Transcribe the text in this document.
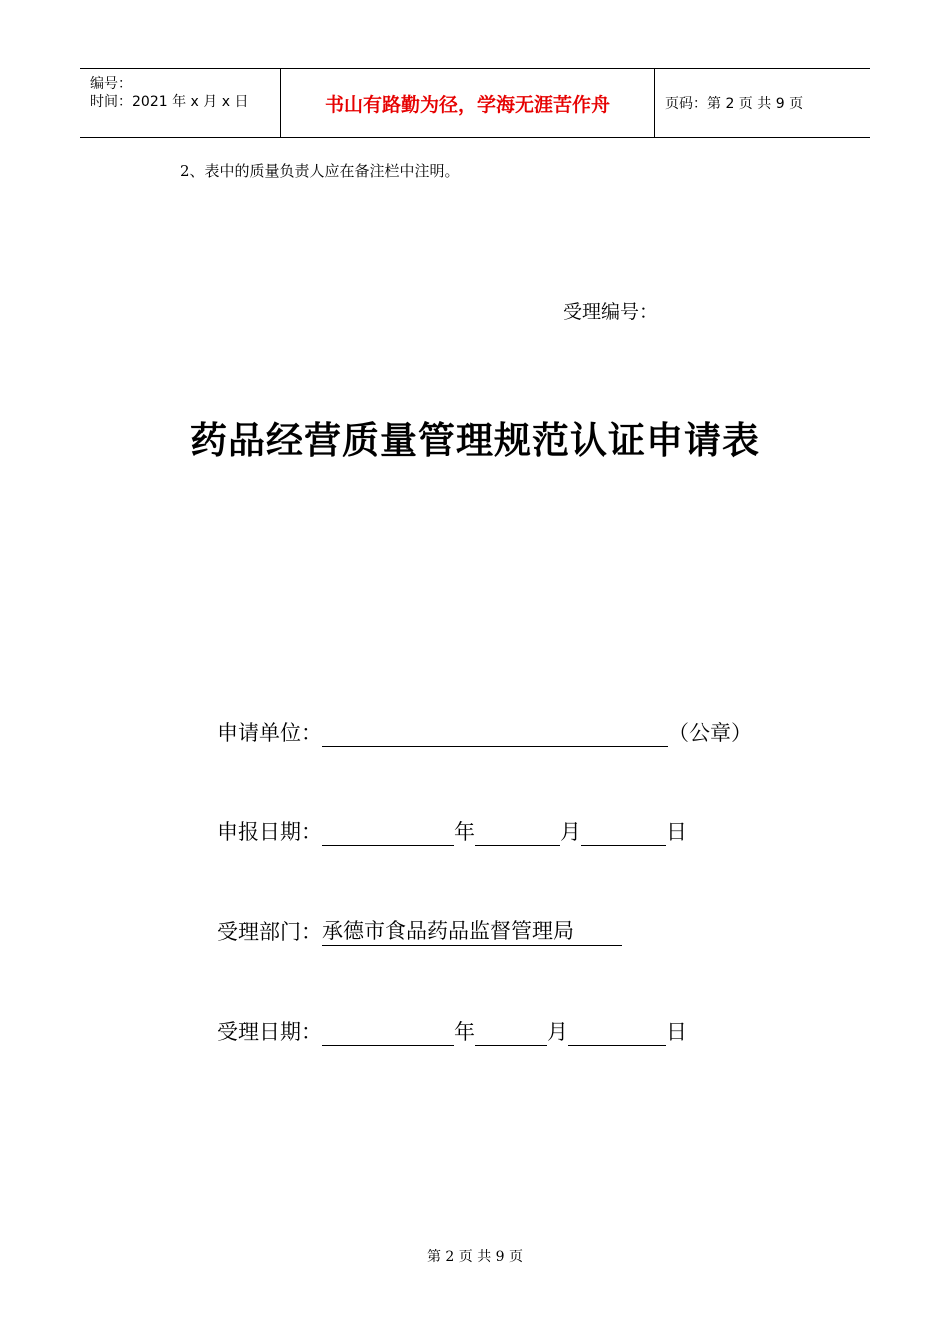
编号：
时间：2021 年 x 月 x 日	书山有路勤为径，学海无涯苦作舟	页码：第 2 页 共 9 页
2、表中的质量负责人应在备注栏中注明。
受理编号：
药品经营质量管理规范认证申请表
申请单位：	（公章）
申报日期：	年	月	日
受理部门：承德市食品药品监督管理局
受理日期：	年	月	日
第 2 页 共 9 页
